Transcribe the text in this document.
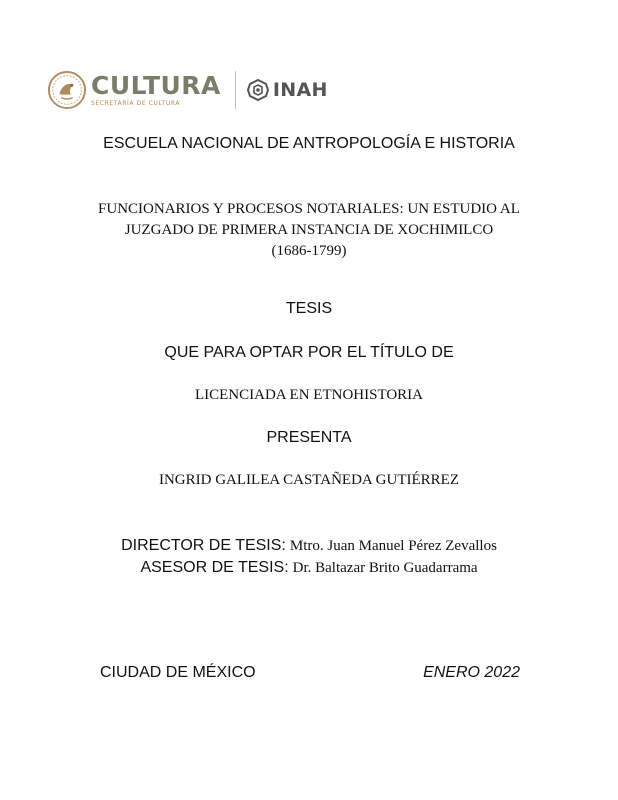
CULTURA
SECRETARÍA DE CULTURA
INAH
ESCUELA NACIONAL DE ANTROPOLOGÍA E HISTORIA
FUNCIONARIOS Y PROCESOS NOTARIALES: UN ESTUDIO AL
JUZGADO DE PRIMERA INSTANCIA DE XOCHIMILCO
(1686-1799)
TESIS
QUE PARA OPTAR POR EL TÍTULO DE
LICENCIADA EN ETNOHISTORIA
PRESENTA
INGRID GALILEA CASTAÑEDA GUTIÉRREZ
DIRECTOR DE TESIS: Mtro. Juan Manuel Pérez Zevallos
ASESOR DE TESIS: Dr. Baltazar Brito Guadarrama
CIUDAD DE MÉXICO	ENERO 2022
